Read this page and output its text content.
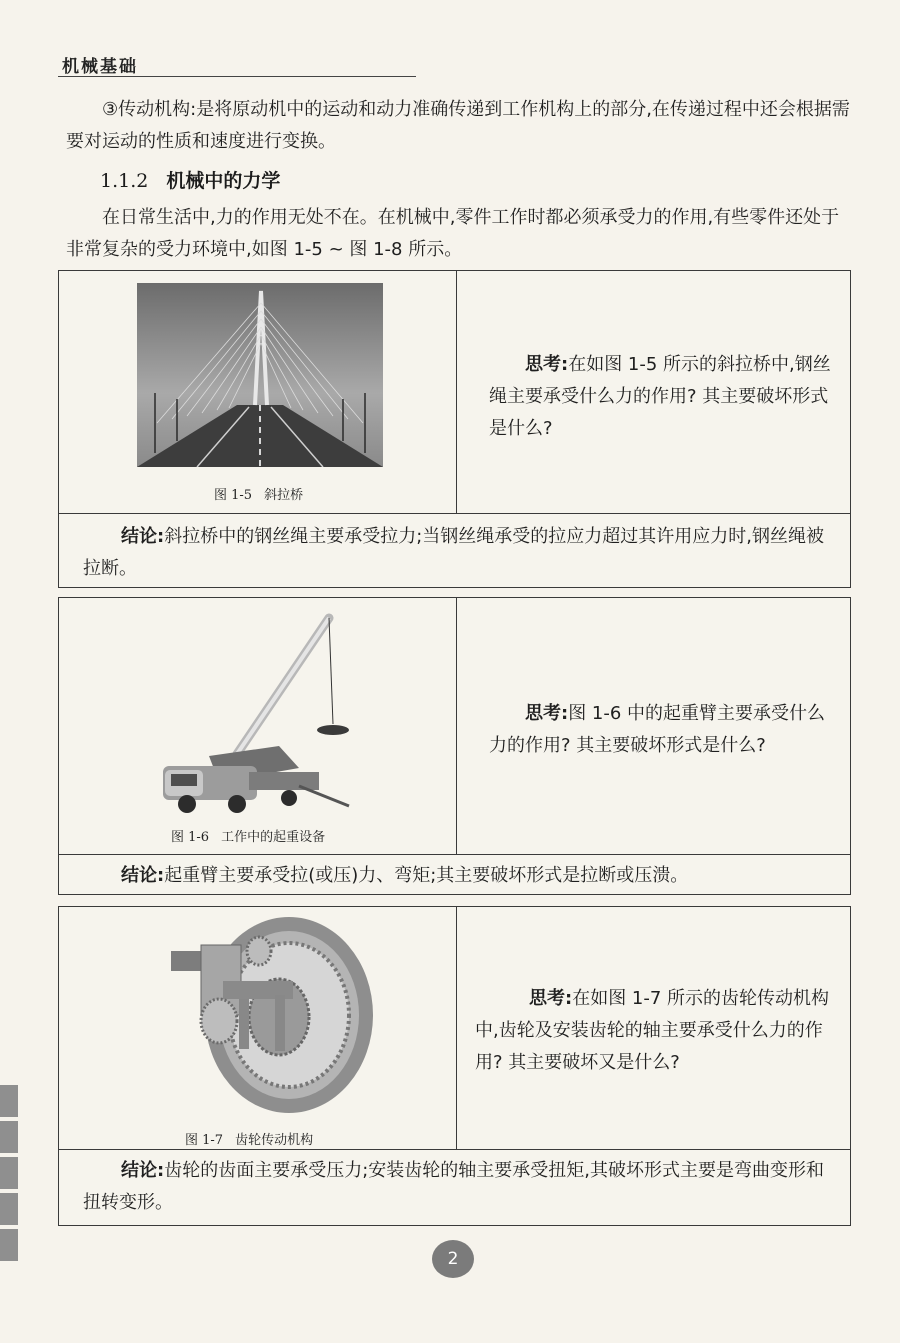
机械基础
③传动机构:是将原动机中的运动和动力准确传递到工作机构上的部分,在传递过程中还会根据需要对运动的性质和速度进行变换。
1.1.2 机械中的力学
在日常生活中,力的作用无处不在。在机械中,零件工作时都必须承受力的作用,有些零件还处于非常复杂的受力环境中,如图 1-5 ~ 图 1-8 所示。
图 1-5 斜拉桥
思考:在如图 1-5 所示的斜拉桥中,钢丝绳主要承受什么力的作用? 其主要破坏形式是什么?
结论:斜拉桥中的钢丝绳主要承受拉力;当钢丝绳承受的拉应力超过其许用应力时,钢丝绳被拉断。
图 1-6 工作中的起重设备
思考:图 1-6 中的起重臂主要承受什么力的作用? 其主要破坏形式是什么?
结论:起重臂主要承受拉(或压)力、弯矩;其主要破坏形式是拉断或压溃。
图 1-7 齿轮传动机构
思考:在如图 1-7 所示的齿轮传动机构中,齿轮及安装齿轮的轴主要承受什么力的作用? 其主要破坏又是什么?
结论:齿轮的齿面主要承受压力;安装齿轮的轴主要承受扭矩,其破坏形式主要是弯曲变形和扭转变形。
2
